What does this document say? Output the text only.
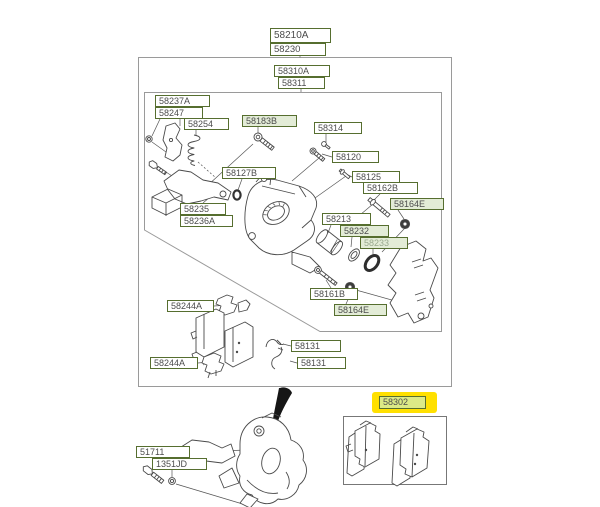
58210A
58230
58310A
58311
58237A
58247
58254	58183B
58314
58120
58127B	58125
58162B
58164E
58235
58236A	58213
58232
58233
58161B
58164E
58244A
58244A
58131
58131
51711
1351JD
58302
